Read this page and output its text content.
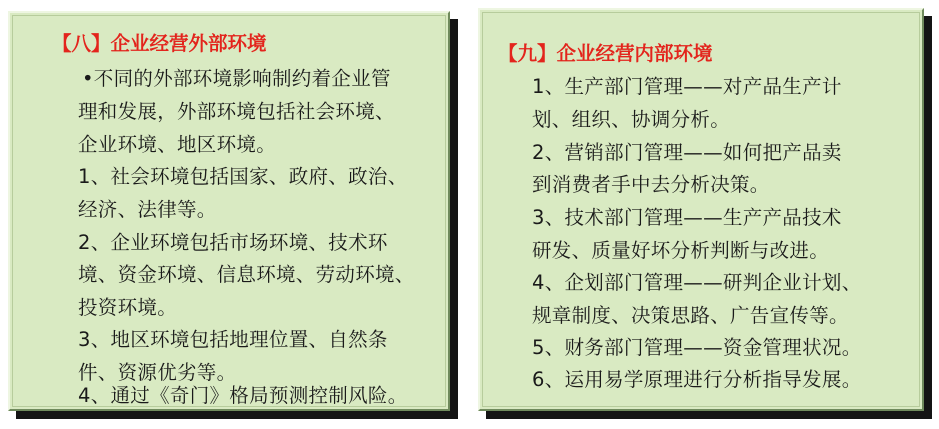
【八】企业经营外部环境
•不同的外部环境影响制约着企业管
理和发展，外部环境包括社会环境、
企业环境、地区环境。
1、社会环境包括国家、政府、政治、
经济、法律等。
2、企业环境包括市场环境、技术环
境、资金环境、信息环境、劳动环境、
投资环境。
3、地区环境包括地理位置、自然条
件、资源优劣等。
4、通过《奇门》格局预测控制风险。
【九】企业经营内部环境
1、生产部门管理——对产品生产计
划、组织、协调分析。
2、营销部门管理——如何把产品卖
到消费者手中去分析决策。
3、技术部门管理——生产产品技术
研发、质量好坏分析判断与改进。
4、企划部门管理——研判企业计划、
规章制度、决策思路、广告宣传等。
5、财务部门管理——资金管理状况。
6、运用易学原理进行分析指导发展。
